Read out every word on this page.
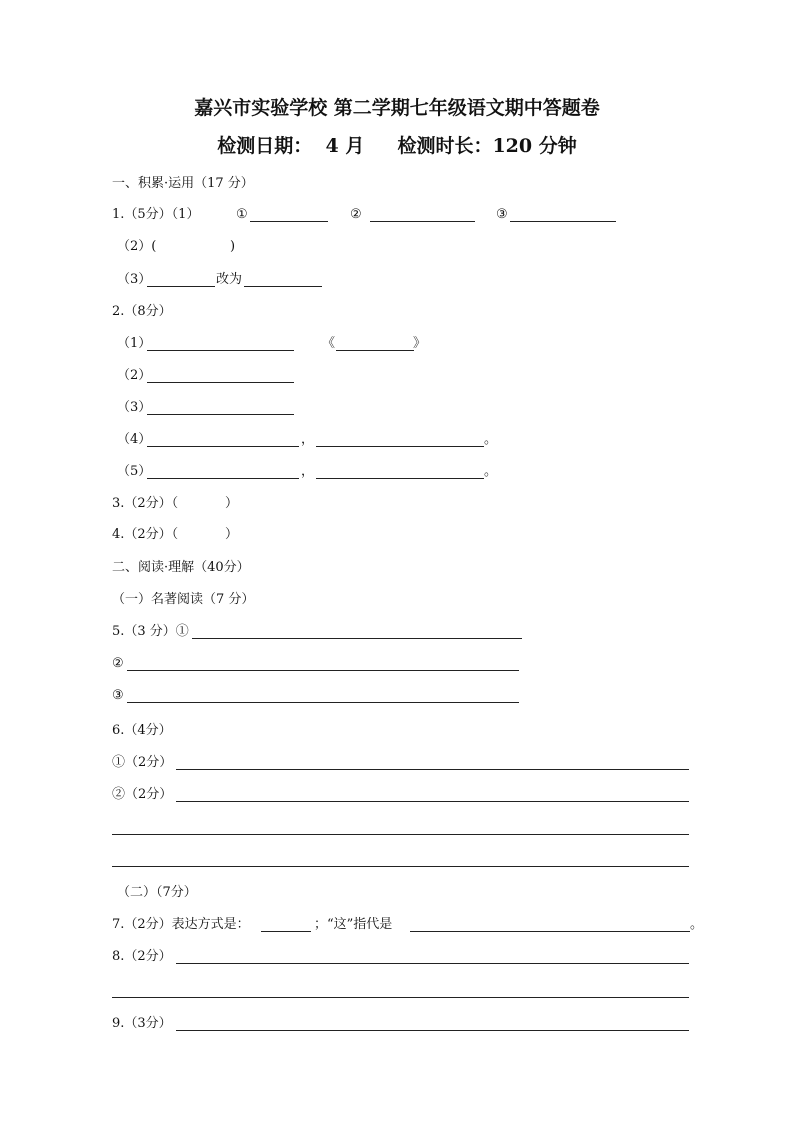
嘉兴市实验学校 第二学期七年级语文期中答题卷
检测日期： 4 月 检测时长：120 分钟
一、积累·运用（17 分）
1.（5分）（1）	①	②	③
（2）(	)
（3）	改为
2.（8分）
（1）	《	》
（2）
（3）
（4）	，	。
（5）	，	。
3.（2分）（	）
4.（2分）（	）
二、阅读·理解（40分）
（一）名著阅读（7 分）
5.（3 分）①
②
③
6.（4分）
①（2分）
②（2分）
（二）（7分）
7.（2分）表达方式是：	；“这”指代是	。
8.（2分）
9.（3分）
